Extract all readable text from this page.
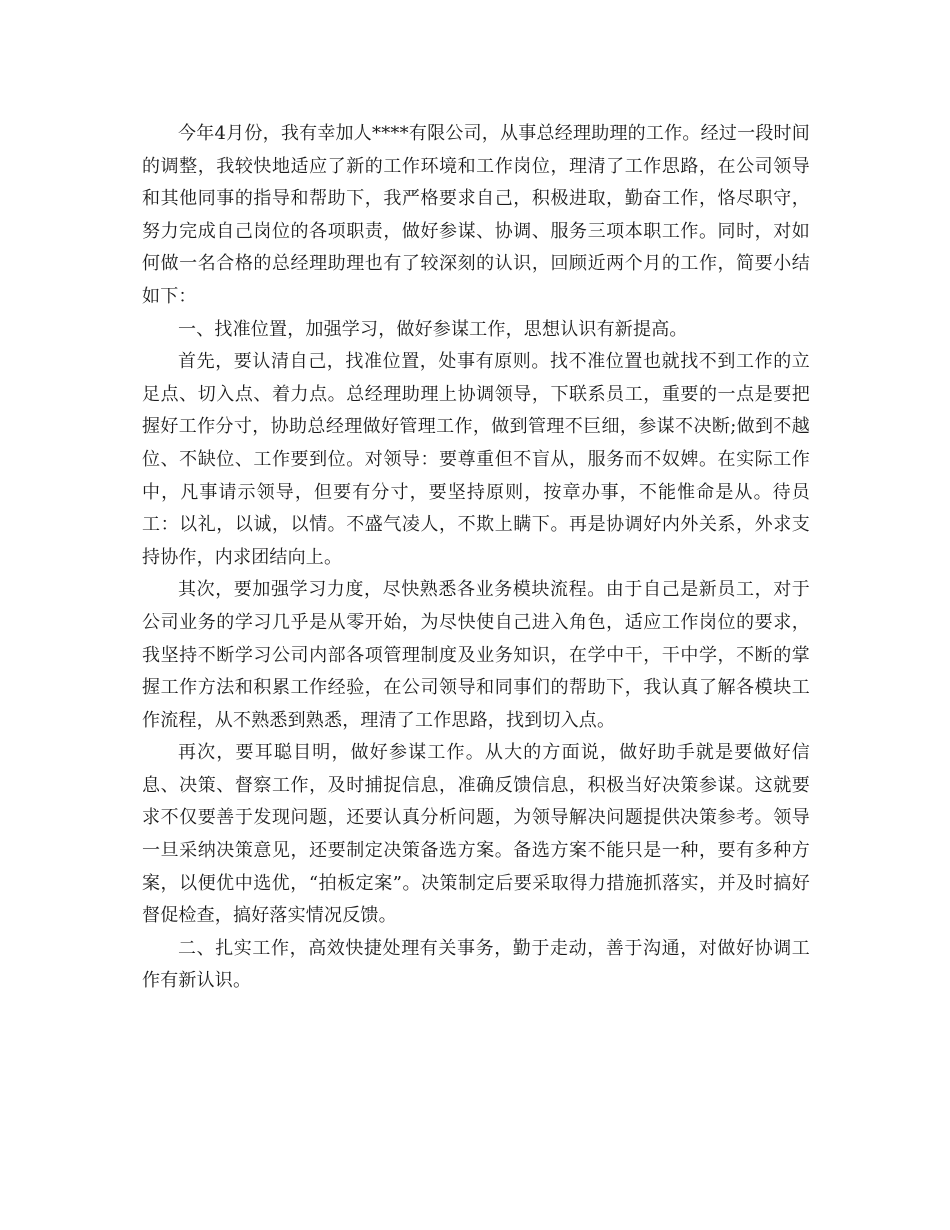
今年4月份，我有幸加人****有限公司，从事总经理助理的工作。经过一段时间的调整，我较快地适应了新的工作环境和工作岗位，理清了工作思路，在公司领导和其他同事的指导和帮助下，我严格要求自己，积极进取，勤奋工作，恪尽职守，努力完成自己岗位的各项职责，做好参谋、协调、服务三项本职工作。同时，对如何做一名合格的总经理助理也有了较深刻的认识，回顾近两个月的工作，简要小结如下：

一、找准位置，加强学习，做好参谋工作，思想认识有新提高。

首先，要认清自己，找准位置，处事有原则。找不准位置也就找不到工作的立足点、切入点、着力点。总经理助理上协调领导，下联系员工，重要的一点是要把握好工作分寸，协助总经理做好管理工作，做到管理不巨细，参谋不决断;做到不越位、不缺位、工作要到位。对领导：要尊重但不盲从，服务而不奴婢。在实际工作中，凡事请示领导，但要有分寸，要坚持原则，按章办事，不能惟命是从。待员工：以礼，以诚，以情。不盛气凌人，不欺上瞒下。再是协调好内外关系，外求支持协作，内求团结向上。

其次，要加强学习力度，尽快熟悉各业务模块流程。由于自己是新员工，对于公司业务的学习几乎是从零开始，为尽快使自己进入角色，适应工作岗位的要求，我坚持不断学习公司内部各项管理制度及业务知识，在学中干，干中学，不断的掌握工作方法和积累工作经验，在公司领导和同事们的帮助下，我认真了解各模块工作流程，从不熟悉到熟悉，理清了工作思路，找到切入点。

再次，要耳聪目明，做好参谋工作。从大的方面说，做好助手就是要做好信息、决策、督察工作，及时捕捉信息，准确反馈信息，积极当好决策参谋。这就要求不仅要善于发现问题，还要认真分析问题，为领导解决问题提供决策参考。领导一旦采纳决策意见，还要制定决策备选方案。备选方案不能只是一种，要有多种方案，以便优中选优，“拍板定案”。决策制定后要采取得力措施抓落实，并及时搞好督促检查，搞好落实情况反馈。

二、扎实工作，高效快捷处理有关事务，勤于走动，善于沟通，对做好协调工作有新认识。
